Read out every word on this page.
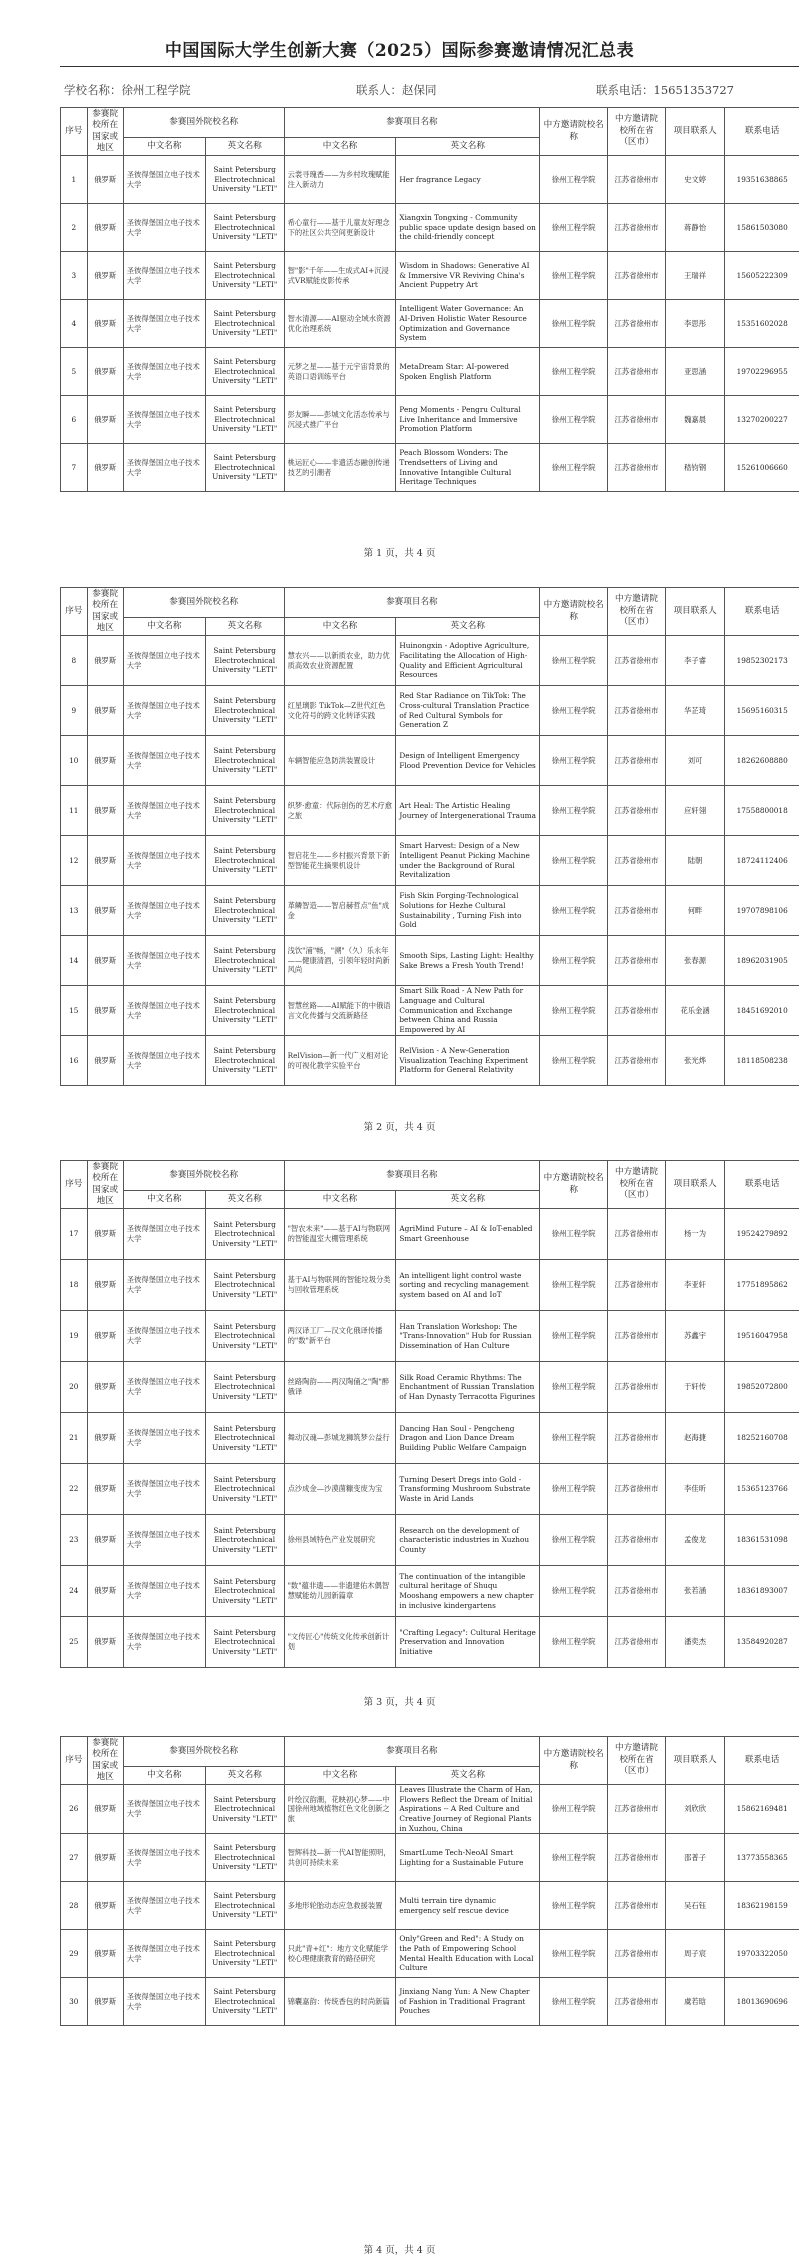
中国国际大学生创新大赛（2025）国际参赛邀请情况汇总表
学校名称：徐州工程学院	联系人：赵保同	联系电话：15651353727
序号	参赛院校所在国家或地区	参赛国外院校名称		参赛项目名称		中方邀请院校名称	中方邀请院校所在省（区市）	项目联系人	联系电话
		中文名称	英文名称	中文名称	英文名称				
1	俄罗斯	圣彼得堡国立电子技术大学	Saint Petersburg Electrotechnical University "LETI"	云裳寻瑰香——为乡村玫瑰赋能注入新动力	Her fragrance Legacy	徐州工程学院	江苏省徐州市	史文婷	19351638865
2	俄罗斯	圣彼得堡国立电子技术大学	Saint Petersburg Electrotechnical University "LETI"	希心童行——基于儿童友好理念下的社区公共空间更新设计	Xiangxin Tongxing - Community public space update design based on the child-friendly concept	徐州工程学院	江苏省徐州市	蒋静怡	15861503080
3	俄罗斯	圣彼得堡国立电子技术大学	Saint Petersburg Electrotechnical University "LETI"	智"影"千年——生成式AI+沉浸式VR赋能皮影传承	Wisdom in Shadows: Generative AI & Immersive VR Reviving China's Ancient Puppetry Art	徐州工程学院	江苏省徐州市	王瑞祥	15605222309
4	俄罗斯	圣彼得堡国立电子技术大学	Saint Petersburg Electrotechnical University "LETI"	智水清源——AI驱动全域水资源优化治理系统	Intelligent Water Governance: An AI-Driven Holistic Water Resource Optimization and Governance System	徐州工程学院	江苏省徐州市	李思彤	15351602028
5	俄罗斯	圣彼得堡国立电子技术大学	Saint Petersburg Electrotechnical University "LETI"	元梦之星——基于元宇宙背景的英语口语训练平台	MetaDream Star: AI-powered Spoken English Platform	徐州工程学院	江苏省徐州市	亚思涵	19702296955
6	俄罗斯	圣彼得堡国立电子技术大学	Saint Petersburg Electrotechnical University "LETI"	彭友瞬——彭城文化活态传承与沉浸式推广平台	Peng Moments - Pengru Cultural Live Inheritance and Immersive Promotion Platform	徐州工程学院	江苏省徐州市	魏嘉晨	13270200227
7	俄罗斯	圣彼得堡国立电子技术大学	Saint Petersburg Electrotechnical University "LETI"	桃运匠心——非遗活态融创传递技艺的引潮者	Peach Blossom Wonders: The Trendsetters of Living and Innovative Intangible Cultural Heritage Techniques	徐州工程学院	江苏省徐州市	嵇钧钢	15261006660
第 1 页，共 4 页
序号	参赛院校所在国家或地区	参赛国外院校名称		参赛项目名称		中方邀请院校名称	中方邀请院校所在省（区市）	项目联系人	联系电话
		中文名称	英文名称	中文名称	英文名称				
8	俄罗斯	圣彼得堡国立电子技术大学	Saint Petersburg Electrotechnical University "LETI"	慧农兴——以新质农业，助力优质高效农业资源配置	Huinongxin - Adoptive Agriculture, Facilitating the Allocation of High-Quality and Efficient Agricultural Resources	徐州工程学院	江苏省徐州市	李子睿	19852302173
9	俄罗斯	圣彼得堡国立电子技术大学	Saint Petersburg Electrotechnical University "LETI"	红星璃影 TikTok—Z世代红色文化符号的跨文化转译实践	Red Star Radiance on TikTok: The Cross-cultural Translation Practice of Red Cultural Symbols for Generation Z	徐州工程学院	江苏省徐州市	华芷琦	15695160315
10	俄罗斯	圣彼得堡国立电子技术大学	Saint Petersburg Electrotechnical University "LETI"	车辆智能应急防洪装置设计	Design of Intelligent Emergency Flood Prevention Device for Vehicles	徐州工程学院	江苏省徐州市	刘可	18262608880
11	俄罗斯	圣彼得堡国立电子技术大学	Saint Petersburg Electrotechnical University "LETI"	织梦·愈童：代际创伤的艺术疗愈之旅	Art Heal: The Artistic Healing Journey of Intergenerational Trauma	徐州工程学院	江苏省徐州市	应轩翎	17558800018
12	俄罗斯	圣彼得堡国立电子技术大学	Saint Petersburg Electrotechnical University "LETI"	智启花生——乡村振兴背景下新型智能花生摘果机设计	Smart Harvest: Design of a New Intelligent Peanut Picking Machine under the Background of Rural Revitalization	徐州工程学院	江苏省徐州市	陆朝	18724112406
13	俄罗斯	圣彼得堡国立电子技术大学	Saint Petersburg Electrotechnical University "LETI"	革鳞智造——智启赫哲点"鱼"成金	Fish Skin Forging-Technological Solutions for Hezhe Cultural Sustainability , Turning Fish into Gold	徐州工程学院	江苏省徐州市	何畔	19707898106
14	俄罗斯	圣彼得堡国立电子技术大学	Saint Petersburg Electrotechnical University "LETI"	浅饮"浦"畅，"溯"（久）乐永年——健康清酒，引领年轻时尚新风尚	Smooth Sips, Lasting Light: Healthy Sake Brews a Fresh Youth Trend!	徐州工程学院	江苏省徐州市	张春源	18962031905
15	俄罗斯	圣彼得堡国立电子技术大学	Saint Petersburg Electrotechnical University "LETI"	智慧丝路——AI赋能下的中俄语言文化传播与交流新路径	Smart Silk Road - A New Path for Language and Cultural Communication and Exchange between China and Russia Empowered by AI	徐州工程学院	江苏省徐州市	花乐金涵	18451692010
16	俄罗斯	圣彼得堡国立电子技术大学	Saint Petersburg Electrotechnical University "LETI"	RelVision—新一代广义相对论的可视化教学实验平台	RelVision - A New-Generation Visualization Teaching Experiment Platform for General Relativity	徐州工程学院	江苏省徐州市	张光烨	18118508238
第 2 页，共 4 页
序号	参赛院校所在国家或地区	参赛国外院校名称		参赛项目名称		中方邀请院校名称	中方邀请院校所在省（区市）	项目联系人	联系电话
		中文名称	英文名称	中文名称	英文名称				
17	俄罗斯	圣彼得堡国立电子技术大学	Saint Petersburg Electrotechnical University "LETI"	"智农未来"——基于AI与物联网的智能温室大棚管理系统	AgriMind Future – AI & IoT-enabled Smart Greenhouse	徐州工程学院	江苏省徐州市	杨一为	19524279892
18	俄罗斯	圣彼得堡国立电子技术大学	Saint Petersburg Electrotechnical University "LETI"	基于AI与物联网的智能垃圾分类与回收管理系统	An intelligent light control waste sorting and recycling management system based on AI and IoT	徐州工程学院	江苏省徐州市	李亚轩	17751895862
19	俄罗斯	圣彼得堡国立电子技术大学	Saint Petersburg Electrotechnical University "LETI"	两汉译工厂—汉文化俄译传播的"数"新平台	Han Translation Workshop: The "Trans-Innovation" Hub for Russian Dissemination of Han Culture	徐州工程学院	江苏省徐州市	苏鑫宇	19516047958
20	俄罗斯	圣彼得堡国立电子技术大学	Saint Petersburg Electrotechnical University "LETI"	丝路陶韵——两汉陶俑之"陶"醉俄译	Silk Road Ceramic Rhythms: The Enchantment of Russian Translation of Han Dynasty Terracotta Figurines	徐州工程学院	江苏省徐州市	于轩传	19852072800
21	俄罗斯	圣彼得堡国立电子技术大学	Saint Petersburg Electrotechnical University "LETI"	舞动汉魂—彭城龙狮筑梦公益行	Dancing Han Soul - Pengcheng Dragon and Lion Dance Dream Building Public Welfare Campaign	徐州工程学院	江苏省徐州市	赵海捷	18252160708
22	俄罗斯	圣彼得堡国立电子技术大学	Saint Petersburg Electrotechnical University "LETI"	点沙成金—沙漠菌糠变废为宝	Turning Desert Dregs into Gold - Transforming Mushroom Substrate Waste in Arid Lands	徐州工程学院	江苏省徐州市	李佳昕	15365123766
23	俄罗斯	圣彼得堡国立电子技术大学	Saint Petersburg Electrotechnical University "LETI"	徐州县域特色产业发展研究	Research on the development of characteristic industries in Xuzhou County	徐州工程学院	江苏省徐州市	孟俊龙	18361531098
24	俄罗斯	圣彼得堡国立电子技术大学	Saint Petersburg Electrotechnical University "LETI"	"数"蕴非遗——非遗建佑木偶智慧赋能幼儿园新篇章	The continuation of the intangible cultural heritage of Shuqu Mooshang empowers a new chapter in inclusive kindergartens	徐州工程学院	江苏省徐州市	张若涵	18361893007
25	俄罗斯	圣彼得堡国立电子技术大学	Saint Petersburg Electrotechnical University "LETI"	"文传匠心"传统文化传承创新计划	"Crafting Legacy": Cultural Heritage Preservation and Innovation Initiative	徐州工程学院	江苏省徐州市	潘奕杰	13584920287
第 3 页，共 4 页
序号	参赛院校所在国家或地区	参赛国外院校名称		参赛项目名称		中方邀请院校名称	中方邀请院校所在省（区市）	项目联系人	联系电话
		中文名称	英文名称	中文名称	英文名称				
26	俄罗斯	圣彼得堡国立电子技术大学	Saint Petersburg Electrotechnical University "LETI"	叶绘汉韵潮，花映初心梦——中国徐州地域植物红色文化创新之旅	Leaves Illustrate the Charm of Han, Flowers Reflect the Dream of Initial Aspirations -- A Red Culture and Creative Journey of Regional Plants in Xuzhou, China	徐州工程学院	江苏省徐州市	刘欣欣	15862169481
27	俄罗斯	圣彼得堡国立电子技术大学	Saint Petersburg Electrotechnical University "LETI"	智辉科技—新一代AI智能照明，共创可持续未来	SmartLume Tech-NeoAI Smart Lighting for a Sustainable Future	徐州工程学院	江苏省徐州市	邵普子	13773558365
28	俄罗斯	圣彼得堡国立电子技术大学	Saint Petersburg Electrotechnical University "LETI"	多地形轮胎动态应急救援装置	Multi terrain tire dynamic emergency self rescue device	徐州工程学院	江苏省徐州市	吴石钰	18362198159
29	俄罗斯	圣彼得堡国立电子技术大学	Saint Petersburg Electrotechnical University "LETI"	只此"青+红"：地方文化赋能学校心理健康教育的路径研究	Only"Green and Red": A Study on the Path of Empowering School Mental Health Education with Local Culture	徐州工程学院	江苏省徐州市	周子宸	19703322050
30	俄罗斯	圣彼得堡国立电子技术大学	Saint Petersburg Electrotechnical University "LETI"	锦囊嘉韵：传统香包的时尚新篇	Jinxiang Nang Yun: A New Chapter of Fashion in Traditional Fragrant Pouches	徐州工程学院	江苏省徐州市	虞若晗	18013690696
第 4 页，共 4 页
